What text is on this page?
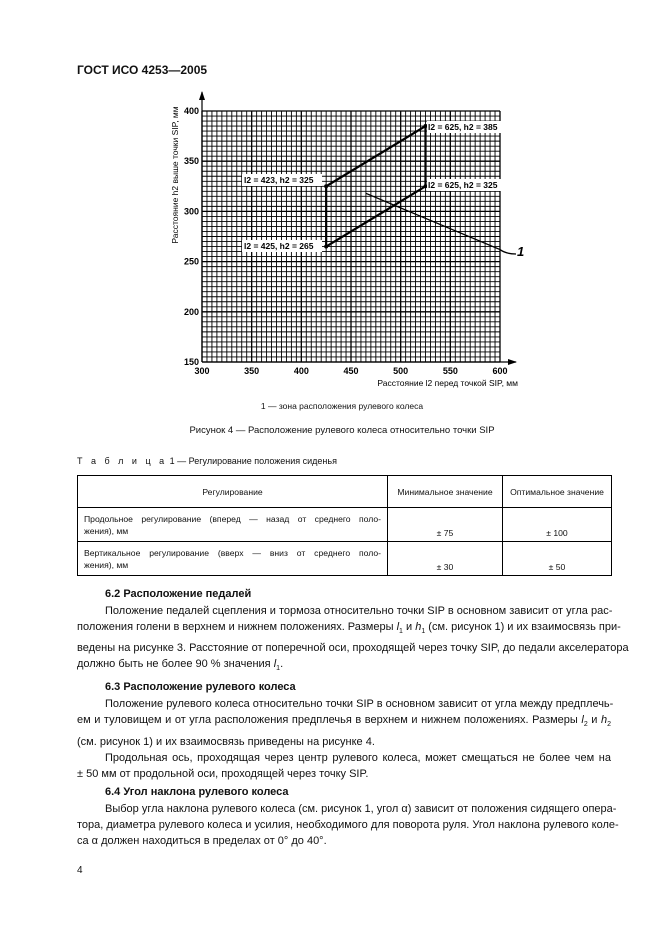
ГОСТ ИСО 4253—2005
300	350	400	450	500	550	600
150
200
250
300
350
400
Расстояние l2 перед точкой SIP, мм
Расстояние h2 выше точки SIP, мм
1
l2 = 625, h2 = 385
l2 = 423, h2 = 325	l2 = 625, h2 = 325
l2 = 425, h2 = 265
1 — зона расположения рулевого колеса
Рисунок 4 — Расположение рулевого колеса относительно точки SIP
Т а б л и ц а 1 — Регулирование положения сиденья
Регулирование	Минимальное значение	Оптимальное значение

Продольное регулирование (вперед — назад от среднего поло-
жения), мм	± 75	± 100

Вертикальное регулирование (вверх — вниз от среднего поло-
жения), мм	± 30	± 50
6.2 Расположение педалей
Положение педалей сцепления и тормоза относительно точки SIP в основном зависит от угла рас-
положения голени в верхнем и нижнем положениях. Размеры $l_1$ и $h_1$ (см. рисунок 1) и их взаимосвязь при-
ведены на рисунке 3. Расстояние от поперечной оси, проходящей через точку SIP, до педали акселератора
должно быть не более 90 % значения $l_1$.
6.3 Расположение рулевого колеса
Положение рулевого колеса относительно точки SIP в основном зависит от угла между предплечь-
ем и туловищем и от угла расположения предплечья в верхнем и нижнем положениях. Размеры $l_2$ и $h_2$
(см. рисунок 1) и их взаимосвязь приведены на рисунке 4.
Продольная ось, проходящая через центр рулевого колеса, может смещаться не более чем на
± 50 мм от продольной оси, проходящей через точку SIP.
6.4 Угол наклона рулевого колеса
Выбор угла наклона рулевого колеса (см. рисунок 1, угол α) зависит от положения сидящего опера-
тора, диаметра рулевого колеса и усилия, необходимого для поворота руля. Угол наклона рулевого коле-
са α должен находиться в пределах от 0° до 40°.
4
